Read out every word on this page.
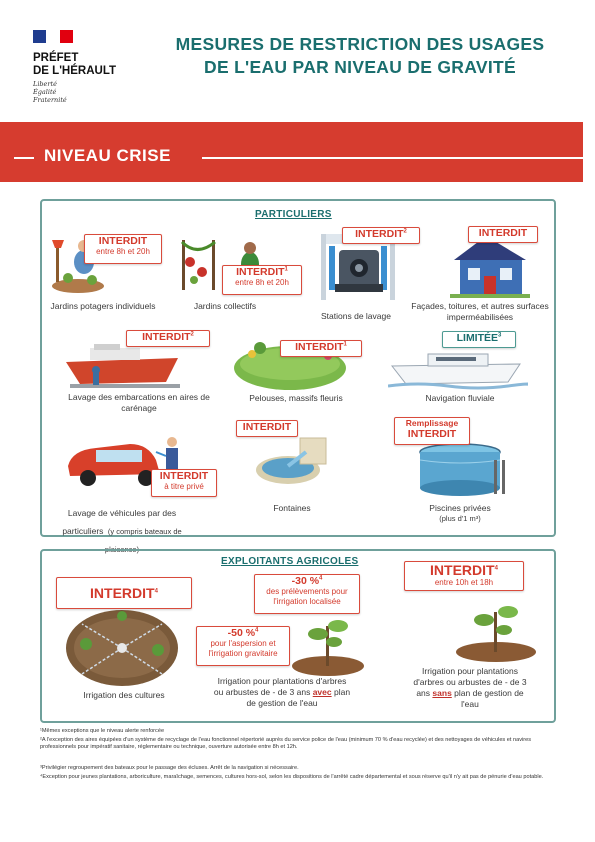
PRÉFET
DE L'HÉRAULT
Liberté
Égalité
Fraternité
MESURES DE RESTRICTION DES USAGES
DE L'EAU PAR NIVEAU DE GRAVITÉ
NIVEAU CRISE
PARTICULIERS
INTERDIT
entre 8h et 20h
INTERDIT$^1$
entre 8h et 20h
INTERDIT$^2$	INTERDIT
INTERDIT$^2$
INTERDIT$^1$
LIMITÉE$^3$
INTERDIT
à titre privé
INTERDIT	Remplissage
INTERDIT
Jardins potagers individuels	Jardins collectifs
Stations de lavage
Façades, toitures, et autres surfaces imperméabilisées
Lavage des embarcations en aires de carénage
Pelouses, massifs fleuris	Navigation fluviale
Lavage de véhicules par des particuliers (y compris bateaux de plaisance)
Fontaines	Piscines privées
(plus d'1 m³)
EXPLOITANTS AGRICOLES
INTERDIT$^4$
-30 %$^4$
des prélèvements pour l'irrigation localisée
-50 %$^4$
pour l'aspersion et l'irrigation gravitaire
INTERDIT$^4$
entre 10h et 18h
Irrigation des cultures
Irrigation pour plantations d'arbres ou arbustes de - de 3 ans avec plan de gestion de l'eau
Irrigation pour plantations d'arbres ou arbustes de - de 3 ans sans plan de gestion de l'eau
¹Mêmes exceptions que le niveau alerte renforcée
²A l'exception des aires équipées d'un système de recyclage de l'eau fonctionnel répertorié auprès du service police de l'eau (minimum 70 % d'eau recyclée) et des nettoyages de véhicules et navires professionnels pour impératif sanitaire, réglementaire ou technique, ouverture autorisée entre 8h et 12h.
³Privilégier regroupement des bateaux pour le passage des écluses. Arrêt de la navigation si nécessaire.
⁴Exception pour jeunes plantations, arboriculture, maraîchage, semences, cultures hors-sol, selon les dispositions de l'arrêté cadre départemental et sous réserve qu'il n'y ait pas de pénurie d'eau potable.
